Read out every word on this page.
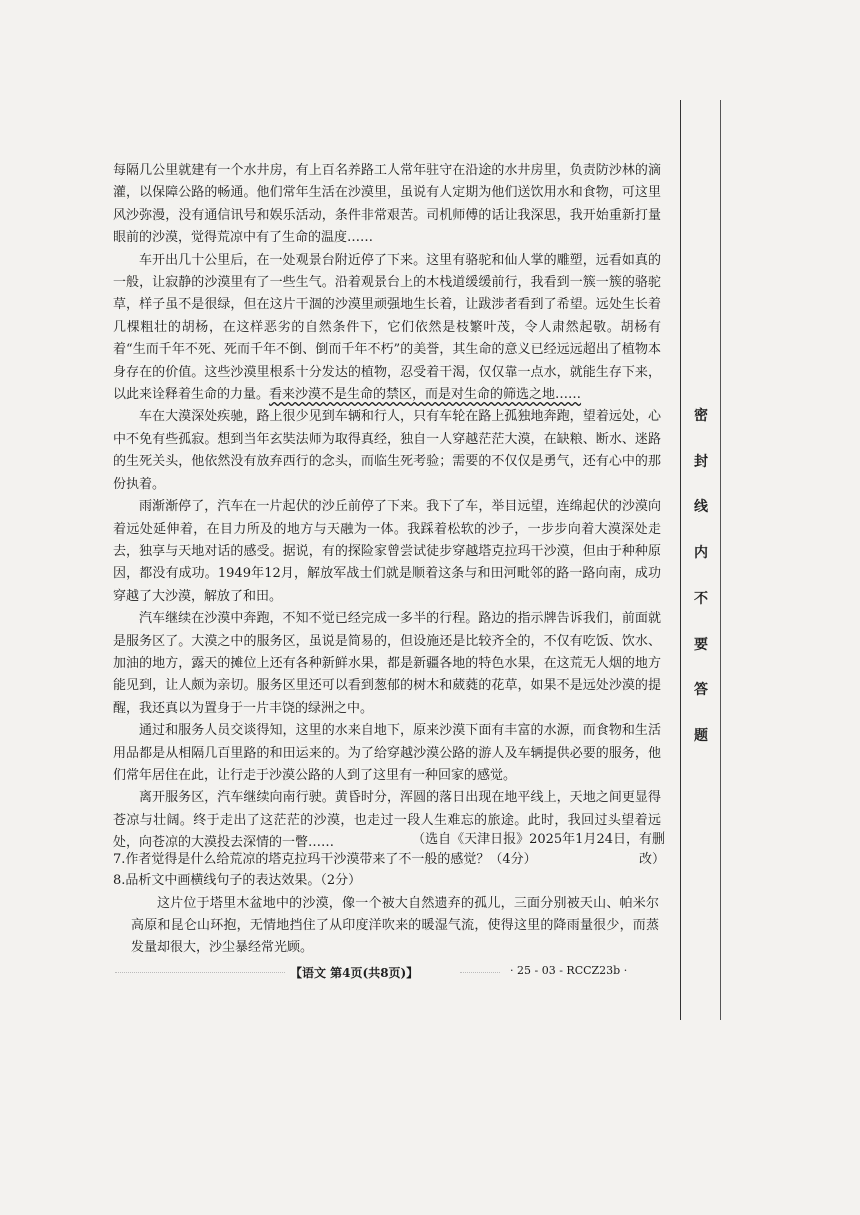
密
封
线
内
不
要
答
题

每隔几公里就建有一个水井房，有上百名养路工人常年驻守在沿途的水井房里，负责防沙林的滴灌，以保障公路的畅通。他们常年生活在沙漠里，虽说有人定期为他们送饮用水和食物，可这里风沙弥漫，没有通信讯号和娱乐活动，条件非常艰苦。司机师傅的话让我深思，我开始重新打量眼前的沙漠，觉得荒凉中有了生命的温度……

车开出几十公里后，在一处观景台附近停了下来。这里有骆驼和仙人掌的雕塑，远看如真的一般，让寂静的沙漠里有了一些生气。沿着观景台上的木栈道缓缓前行，我看到一簇一簇的骆驼草，样子虽不是很绿，但在这片干涸的沙漠里顽强地生长着，让跋涉者看到了希望。远处生长着几棵粗壮的胡杨，在这样恶劣的自然条件下，它们依然是枝繁叶茂，令人肃然起敬。胡杨有着“生而千年不死、死而千年不倒、倒而千年不朽”的美誉，其生命的意义已经远远超出了植物本身存在的价值。这些沙漠里根系十分发达的植物，忍受着干渴，仅仅靠一点水，就能生存下来，以此来诠释着生命的力量。看来沙漠不是生命的禁区，而是对生命的筛选之地……

车在大漠深处疾驰，路上很少见到车辆和行人，只有车轮在路上孤独地奔跑，望着远处，心中不免有些孤寂。想到当年玄奘法师为取得真经，独自一人穿越茫茫大漠，在缺粮、断水、迷路的生死关头，他依然没有放弃西行的念头，而临生死考验；需要的不仅仅是勇气，还有心中的那份执着。

雨渐渐停了，汽车在一片起伏的沙丘前停了下来。我下了车，举目远望，连绵起伏的沙漠向着远处延伸着，在目力所及的地方与天融为一体。我踩着松软的沙子，一步步向着大漠深处走去，独享与天地对话的感受。据说，有的探险家曾尝试徒步穿越塔克拉玛干沙漠，但由于种种原因，都没有成功。1949年12月，解放军战士们就是顺着这条与和田河毗邻的路一路向南，成功穿越了大沙漠，解放了和田。

汽车继续在沙漠中奔跑，不知不觉已经完成一多半的行程。路边的指示牌告诉我们，前面就是服务区了。大漠之中的服务区，虽说是简易的，但设施还是比较齐全的，不仅有吃饭、饮水、加油的地方，露天的摊位上还有各种新鲜水果，都是新疆各地的特色水果，在这荒无人烟的地方能见到，让人颇为亲切。服务区里还可以看到葱郁的树木和葳蕤的花草，如果不是远处沙漠的提醒，我还真以为置身于一片丰饶的绿洲之中。

通过和服务人员交谈得知，这里的水来自地下，原来沙漠下面有丰富的水源，而食物和生活用品都是从相隔几百里路的和田运来的。为了给穿越沙漠公路的游人及车辆提供必要的服务，他们常年居住在此，让行走于沙漠公路的人到了这里有一种回家的感觉。

离开服务区，汽车继续向南行驶。黄昏时分，浑圆的落日出现在地平线上，天地之间更显得苍凉与壮阔。终于走出了这茫茫的沙漠，也走过一段人生难忘的旅途。此时，我回过头望着远处，向苍凉的大漠投去深情的一瞥……	（选自《天津日报》2025年1月24日，有删改）
7.作者觉得是什么给荒凉的塔克拉玛干沙漠带来了不一般的感觉？（4分）
8.品析文中画横线句子的表达效果。（2分）
这片位于塔里木盆地中的沙漠，像一个被大自然遗弃的孤儿，三面分别被天山、帕米尔高原和昆仑山环抱，无情地挡住了从印度洋吹来的暖湿气流，使得这里的降雨量很少，而蒸发量却很大，沙尘暴经常光顾。
【语文 第4页(共8页)】	· 25 - 03 - RCCZ23b ·
